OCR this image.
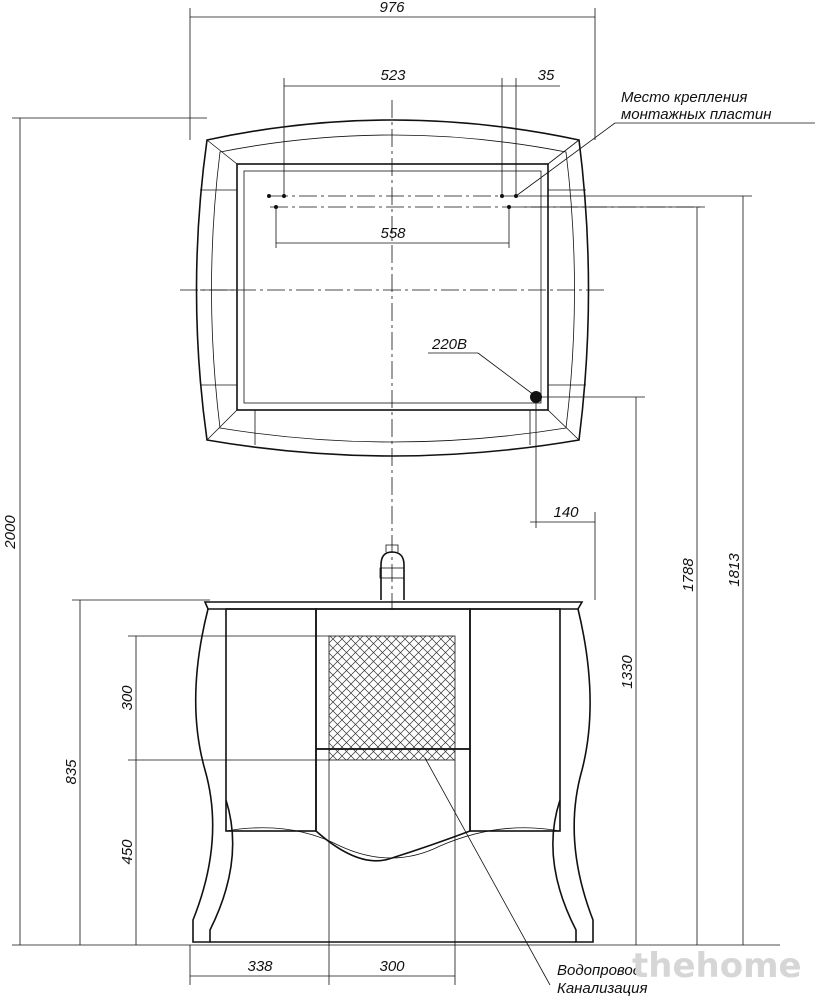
976
523	35
558
Место крепления
монтажных пластин
220В
140
1330
1788 1813
2000
835
300
450
Водопровод
Канализация
338	300	thehome
